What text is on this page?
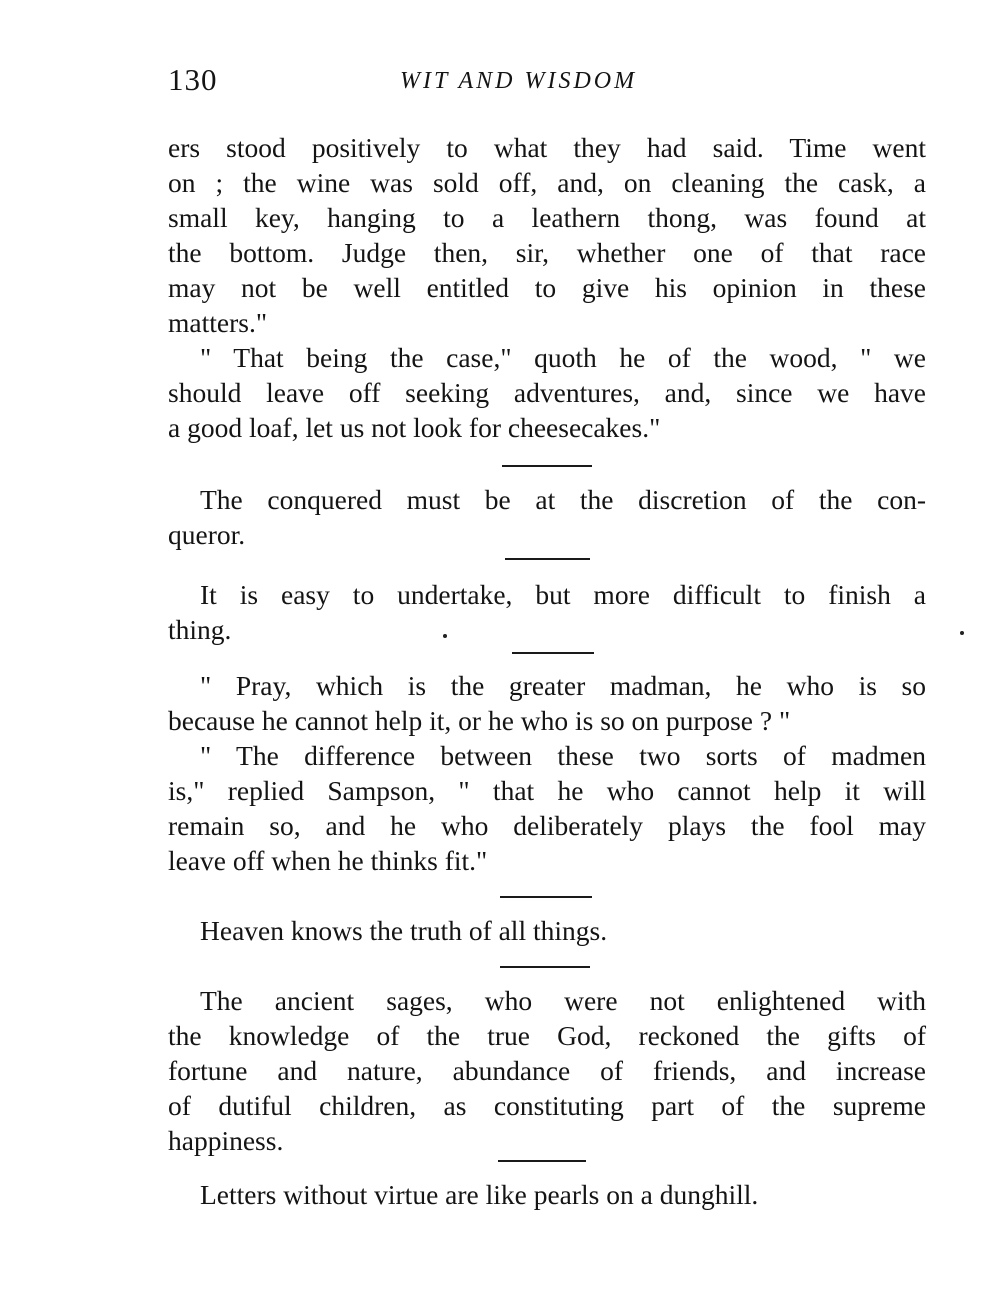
130	WIT AND WISDOM
ers stood positively to what they had said. Time went
on ; the wine was sold off, and, on cleaning the cask, a
small key, hanging to a leathern thong, was found at
the bottom. Judge then, sir, whether one of that race
may not be well entitled to give his opinion in these
matters."
" That being the case," quoth he of the wood, " we
should leave off seeking adventures, and, since we have
a good loaf, let us not look for cheesecakes."
The conquered must be at the discretion of the con-
queror.
It is easy to undertake, but more difficult to finish a
thing.
" Pray, which is the greater madman, he who is so
because he cannot help it, or he who is so on purpose ? "
" The difference between these two sorts of madmen
is," replied Sampson, " that he who cannot help it will
remain so, and he who deliberately plays the fool may
leave off when he thinks fit."
Heaven knows the truth of all things.
The ancient sages, who were not enlightened with
the knowledge of the true God, reckoned the gifts of
fortune and nature, abundance of friends, and increase
of dutiful children, as constituting part of the supreme
happiness.
Letters without virtue are like pearls on a dunghill.
